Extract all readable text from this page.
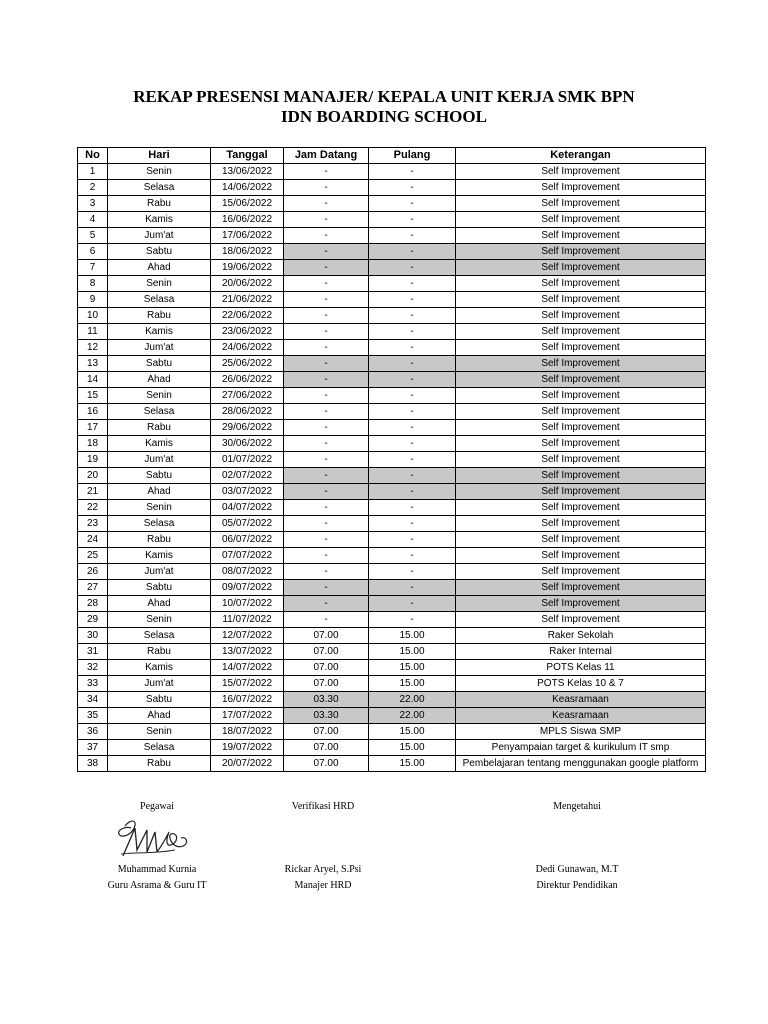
REKAP PRESENSI MANAJER/ KEPALA UNIT KERJA SMK BPN
IDN BOARDING SCHOOL
No	Hari	Tanggal	Jam Datang	Pulang	Keterangan
1	Senin	13/06/2022	-	-	Self Improvement
2	Selasa	14/06/2022	-	-	Self Improvement
3	Rabu	15/06/2022	-	-	Self Improvement
4	Kamis	16/06/2022	-	-	Self Improvement
5	Jum'at	17/06/2022	-	-	Self Improvement
6	Sabtu	18/06/2022	-	-	Self Improvement
7	Ahad	19/06/2022	-	-	Self Improvement
8	Senin	20/06/2022	-	-	Self Improvement
9	Selasa	21/06/2022	-	-	Self Improvement
10	Rabu	22/06/2022	-	-	Self Improvement
11	Kamis	23/06/2022	-	-	Self Improvement
12	Jum'at	24/06/2022	-	-	Self Improvement
13	Sabtu	25/06/2022	-	-	Self Improvement
14	Ahad	26/06/2022	-	-	Self Improvement
15	Senin	27/06/2022	-	-	Self Improvement
16	Selasa	28/06/2022	-	-	Self Improvement
17	Rabu	29/06/2022	-	-	Self Improvement
18	Kamis	30/06/2022	-	-	Self Improvement
19	Jum'at	01/07/2022	-	-	Self Improvement
20	Sabtu	02/07/2022	-	-	Self Improvement
21	Ahad	03/07/2022	-	-	Self Improvement
22	Senin	04/07/2022	-	-	Self Improvement
23	Selasa	05/07/2022	-	-	Self Improvement
24	Rabu	06/07/2022	-	-	Self Improvement
25	Kamis	07/07/2022	-	-	Self Improvement
26	Jum'at	08/07/2022	-	-	Self Improvement
27	Sabtu	09/07/2022	-	-	Self Improvement
28	Ahad	10/07/2022	-	-	Self Improvement
29	Senin	11/07/2022	-	-	Self Improvement
30	Selasa	12/07/2022	07.00	15.00	Raker Sekolah
31	Rabu	13/07/2022	07.00	15.00	Raker Internal
32	Kamis	14/07/2022	07.00	15.00	POTS Kelas 11
33	Jum'at	15/07/2022	07.00	15.00	POTS Kelas 10 & 7
34	Sabtu	16/07/2022	03.30	22.00	Keasramaan
35	Ahad	17/07/2022	03.30	22.00	Keasramaan
36	Senin	18/07/2022	07.00	15.00	MPLS Siswa SMP
37	Selasa	19/07/2022	07.00	15.00	Penyampaian target & kurikulum IT smp
38	Rabu	20/07/2022	07.00	15.00	Pembelajaran tentang menggunakan google platform
Pegawai
Muhammad Kurnia
Guru Asrama & Guru IT
Verifikasi HRD
Rickar Aryel, S.Psi
Manajer HRD
Mengetahui
Dedi Gunawan, M.T
Direktur Pendidikan
